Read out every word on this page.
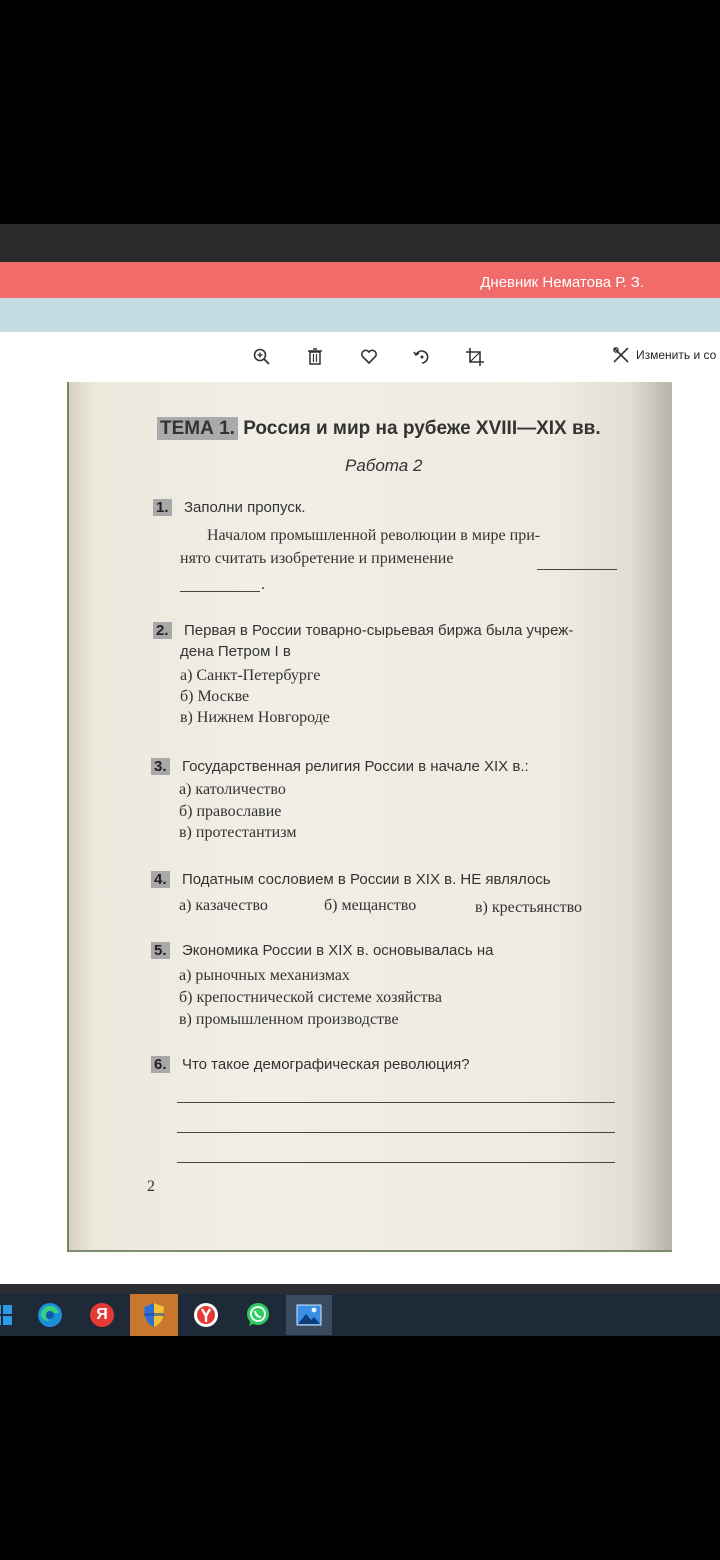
Дневник Нематова Р. З.
Изменить и со
ТЕМА 1. Россия и мир на рубеже XVIII—XIX вв.
Работа 2
1. Заполни пропуск.
Началом промышленной революции в мире при-
нято считать изобретение и применение
.
2. Первая в России товарно-сырьевая биржа была учреж-
дена Петром I в
а) Санкт-Петербурге
б) Москве
в) Нижнем Новгороде
3. Государственная религия России в начале XIX в.:
а) католичество
б) православие
в) протестантизм
4. Податным сословием в России в XIX в. НЕ являлось
а) казачество	б) мещанство	в) крестьянство
5. Экономика России в XIX в. основывалась на
а) рыночных механизмах
б) крепостнической системе хозяйства
в) промышленном производстве
6. Что такое демографическая революция?
2
Я
